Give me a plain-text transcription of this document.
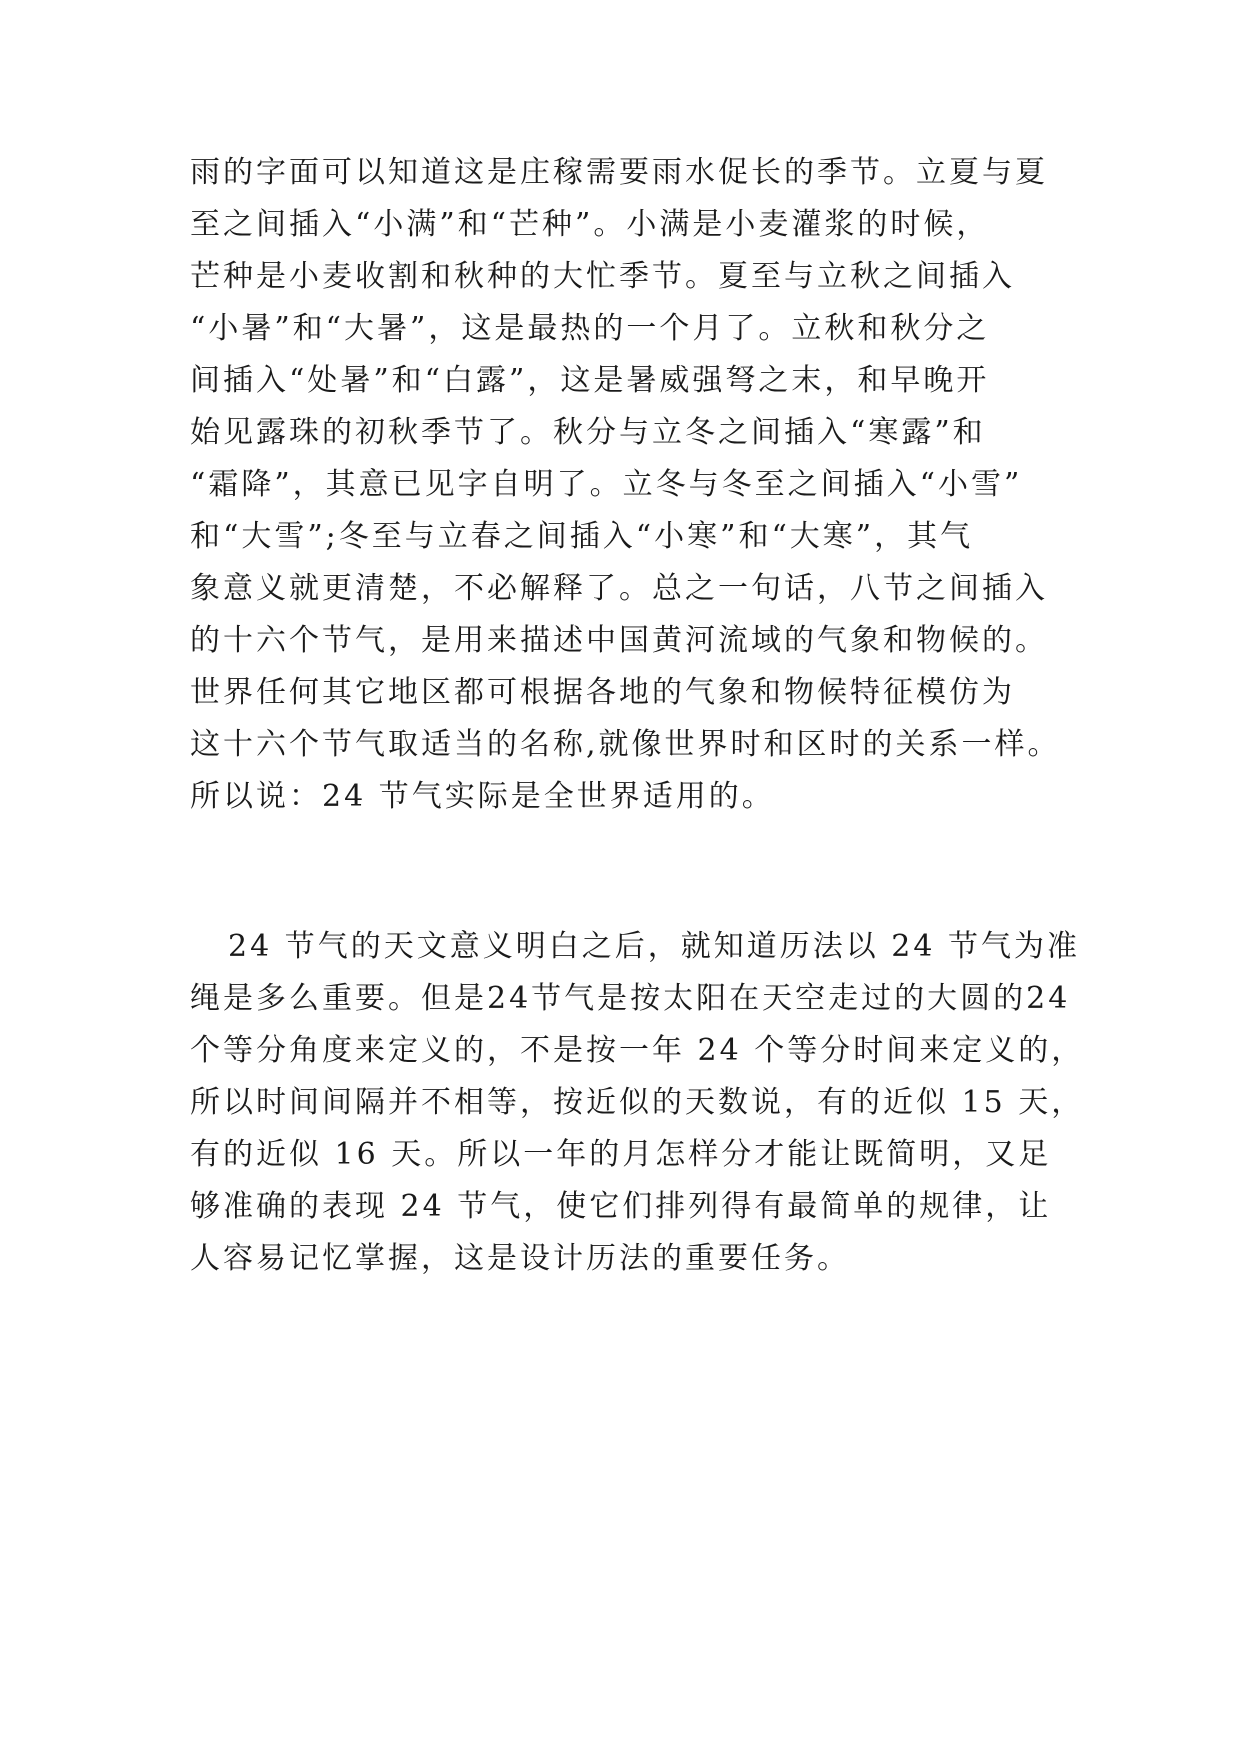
雨的字面可以知道这是庄稼需要雨水促长的季节。立夏与夏
至之间插入“小满”和“芒种”。小满是小麦灌浆的时候，
芒种是小麦收割和秋种的大忙季节。夏至与立秋之间插入
“小暑”和“大暑”，这是最热的一个月了。立秋和秋分之
间插入“处暑”和“白露”，这是暑威强弩之末，和早晚开
始见露珠的初秋季节了。秋分与立冬之间插入“寒露”和
“霜降”，其意已见字自明了。立冬与冬至之间插入“小雪”
和“大雪”;冬至与立春之间插入“小寒”和“大寒”，其气
象意义就更清楚，不必解释了。总之一句话，八节之间插入
的十六个节气，是用来描述中国黄河流域的气象和物候的。
世界任何其它地区都可根据各地的气象和物候特征模仿为
这十六个节气取适当的名称,就像世界时和区时的关系一样。
所以说：24 节气实际是全世界适用的。
24 节气的天文意义明白之后，就知道历法以 24 节气为准
绳是多么重要。但是24节气是按太阳在天空走过的大圆的24
个等分角度来定义的，不是按一年 24 个等分时间来定义的，
所以时间间隔并不相等，按近似的天数说，有的近似 15 天，
有的近似 16 天。所以一年的月怎样分才能让既简明，又足
够准确的表现 24 节气，使它们排列得有最简单的规律，让
人容易记忆掌握，这是设计历法的重要任务。
